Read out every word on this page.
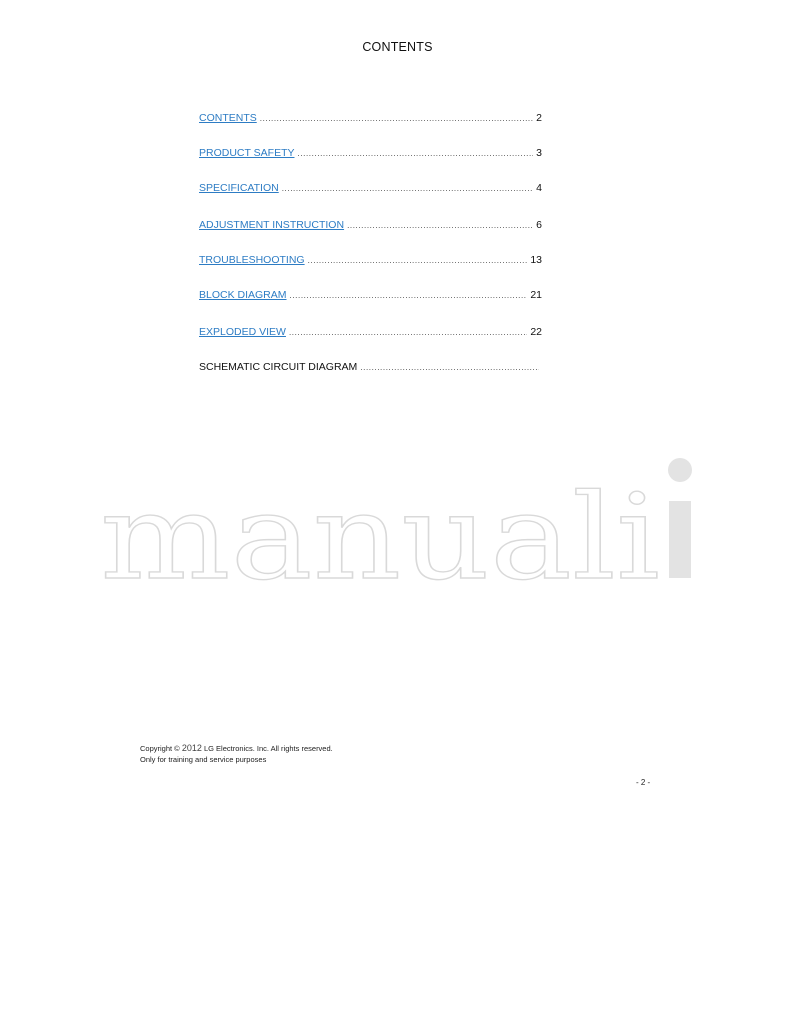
CONTENTS
CONTENTS .....	2
PRODUCT SAFETY .....	3
SPECIFICATION .....	4
ADJUSTMENT INSTRUCTION .....	6
TROUBLESHOOTING .....	13
BLOCK DIAGRAM .....	21
EXPLODED VIEW .....	22
SCHEMATIC CIRCUIT DIAGRAM
.....
manuali
Copyright © 2012 LG Electronics. Inc. All rights reserved.
Only for training and service purposes
- 2 -
